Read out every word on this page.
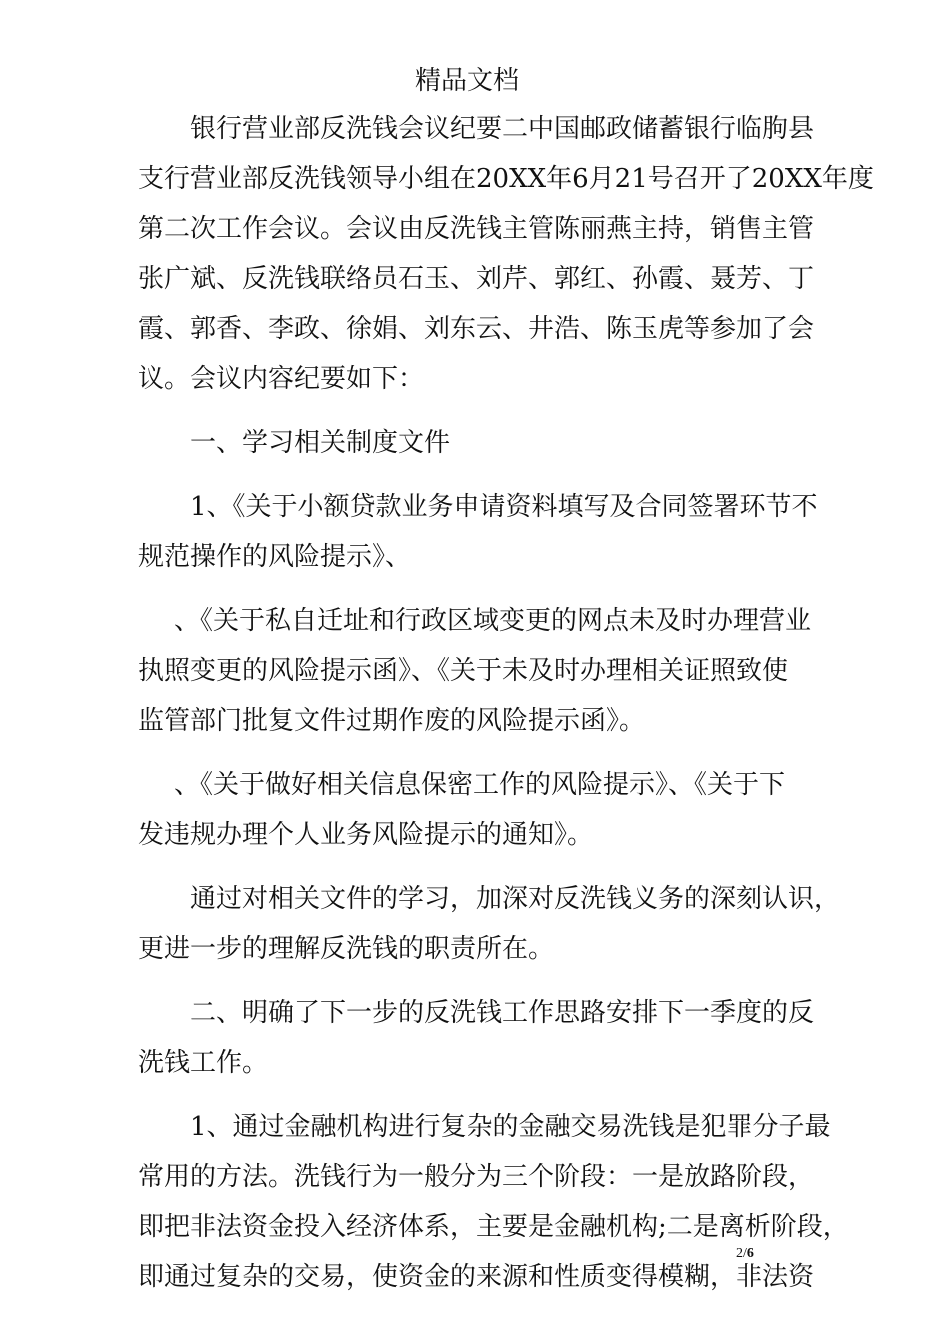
精品文档
银行营业部反洗钱会议纪要二中国邮政储蓄银行临朐县
支行营业部反洗钱领导小组在20XX年6月21号召开了20XX年度
第二次工作会议。会议由反洗钱主管陈丽燕主持，销售主管
张广斌、反洗钱联络员石玉、刘芹、郭红、孙霞、聂芳、丁
霞、郭香、李政、徐娟、刘东云、井浩、陈玉虎等参加了会
议。会议内容纪要如下：
一、学习相关制度文件
1、《关于小额贷款业务申请资料填写及合同签署环节不
规范操作的风险提示》、
、《关于私自迁址和行政区域变更的网点未及时办理营业
执照变更的风险提示函》、《关于未及时办理相关证照致使
监管部门批复文件过期作废的风险提示函》。
、《关于做好相关信息保密工作的风险提示》、《关于下
发违规办理个人业务风险提示的通知》。
通过对相关文件的学习，加深对反洗钱义务的深刻认识，
更进一步的理解反洗钱的职责所在。
二、明确了下一步的反洗钱工作思路安排下一季度的反
洗钱工作。
1、通过金融机构进行复杂的金融交易洗钱是犯罪分子最
常用的方法。洗钱行为一般分为三个阶段：一是放路阶段，
即把非法资金投入经济体系，主要是金融机构;二是离析阶段，
即通过复杂的交易，使资金的来源和性质变得模糊，非法资
2/6
